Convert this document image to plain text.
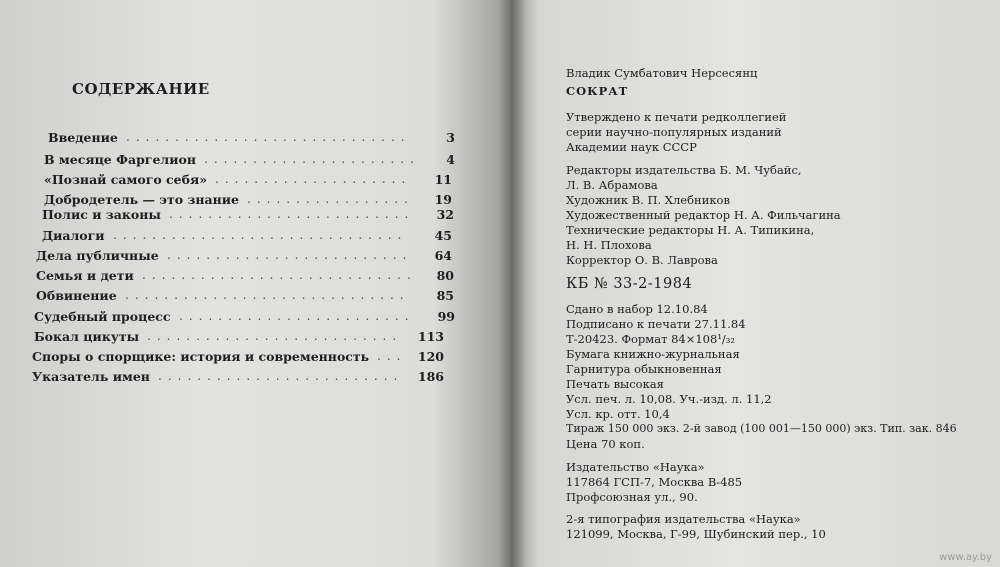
СОДЕРЖАНИЕ
Введение	3
В месяце Фаргелион	4
«Познай самого себя»	11
Добродетель — это знание	19
Полис и законы	32
Диалоги	45
Дела публичные	64
Семья и дети	80
Обвинение	85
Судебный процесс	99
Бокал цикуты	113
Споры о спорщике: история и современность	120
Указатель имен	186
Владик Сумбатович Нерсесянц
СОКРАТ
Утверждено к печати редколлегией
серии научно-популярных изданий
Академии наук СССР
Редакторы издательства Б. М. Чубайс,
Л. В. Абрамова
Художник В. П. Хлебников
Художественный редактор Н. А. Фильчагина
Технические редакторы Н. А. Типикина,
Н. Н. Плохова
Корректор О. В. Лаврова
КБ № 33-2-1984
Сдано в набор 12.10.84
Подписано к печати 27.11.84
Т-20423. Формат 84×108¹/₃₂
Бумага книжно-журнальная
Гарнитура обыкновенная
Печать высокая
Усл. печ. л. 10,08. Уч.-изд. л. 11,2
Усл. кр. отт. 10,4
Тираж 150 000 экз. 2-й завод (100 001—150 000) экз. Тип. зак. 846
Цена 70 коп.
Издательство «Наука»
117864 ГСП-7, Москва В-485
Профсоюзная ул., 90.
2-я типография издательства «Наука»
121099, Москва, Г-99, Шубинский пер., 10
www.ay.by
.............................
......................
....................
.................
.........................
..............................
.........................
............................
.............................
........................
..........................
...
.........................
